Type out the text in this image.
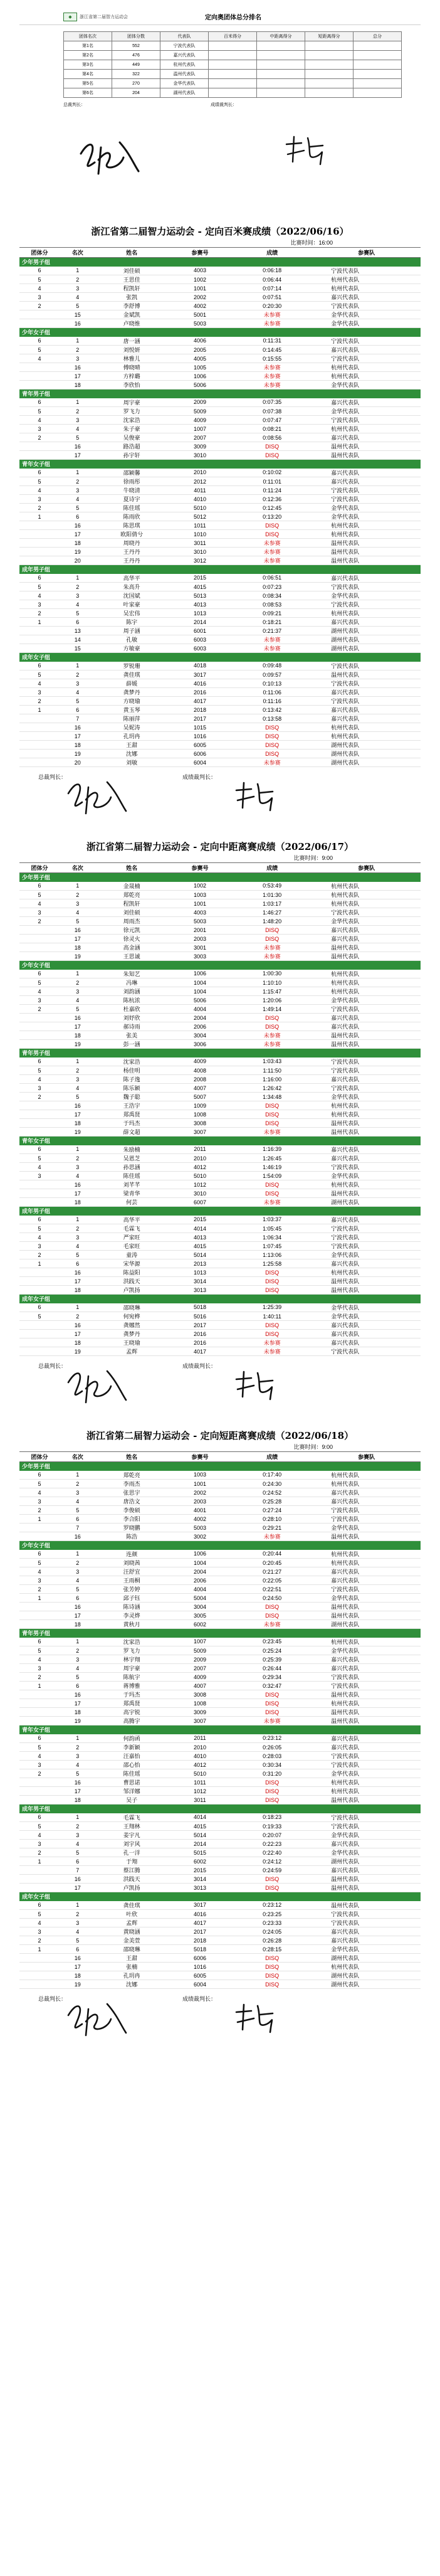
◆	浙江省第二届智力运动会	定向奥团体总分排名
团体名次	团体分数	代表队	百米得分	中距离得分	短距离得分	总分
第1名	552	宁波代表队				
第2名	476	嘉兴代表队				
第3名	449	杭州代表队				
第4名	322	温州代表队				
第5名	270	金华代表队				
第6名	204	湖州代表队				
总裁判长：	成绩裁判长：
浙江省第二届智力运动会 - 定向百米赛成绩（2022/06/16）
比赛时间：16:00
团体分	名次	姓名	参赛号	成绩	参赛队
少年男子组					
6	1	刘佳硕	4003	0:06:18	宁波代表队
5	2	王思佳	1002	0:06:44	杭州代表队
4	3	程凯轩	1001	0:07:14	杭州代表队
3	4	张凯	2002	0:07:51	嘉兴代表队
2	5	李舒博	4002	0:20:30	宁波代表队
	15	金斌凯	5001	未参赛	金华代表队
	16	卢晓维	5003	未参赛	金华代表队
少年女子组					
6	1	唐一涵	4006	0:11:31	宁波代表队
5	2	刘悦妍	2005	0:14:45	嘉兴代表队
4	3	林雅儿	4005	0:15:55	宁波代表队
	16	傅晓晴	1005	未参赛	杭州代表队
	17	方梓璐	1006	未参赛	杭州代表队
	18	李欣怡	5006	未参赛	金华代表队
青年男子组					
6	1	周宇豪	2009	0:07:35	嘉兴代表队
5	2	罗飞力	5009	0:07:38	金华代表队
4	3	沈家浩	4009	0:07:47	宁波代表队
3	4	朱子豪	1007	0:08:21	杭州代表队
2	5	吴俊豪	2007	0:08:56	嘉兴代表队
	16	路浩超	3009	DISQ	温州代表队
	17	孙宇轩	3010	DISQ	温州代表队
青年女子组					
6	1	邵颖馨	2010	0:10:02	嘉兴代表队
5	2	徐雨彤	2012	0:11:01	嘉兴代表队
4	3	牛晓清	4011	0:11:24	宁波代表队
3	4	夏诗宇	4010	0:12:36	宁波代表队
2	5	陈佳瑶	5010	0:12:45	金华代表队
1	6	陈雨欣	5012	0:13:20	金华代表队
	16	陈思琪	1011	DISQ	杭州代表队
	17	欧阳倩兮	1010	DISQ	杭州代表队
	18	周晓丹	3011	未参赛	温州代表队
	19	王丹丹	3010	未参赛	温州代表队
	20	王丹丹	3012	未参赛	温州代表队
成年男子组					
6	1	高华平	2015	0:06:51	嘉兴代表队
5	2	朱高升	4015	0:07:23	宁波代表队
4	3	沈国斌	5013	0:08:34	金华代表队
3	4	叶家豪	4013	0:08:53	宁波代表队
2	5	吴宏伟	1013	0:09:21	杭州代表队
1	6	陈宇	2014	0:18:21	嘉兴代表队
	13	周子涵	6001	0:21:37	湖州代表队
	14	孔敏	6003	未参赛	湖州代表队
	15	方敏豪	6003	未参赛	湖州代表队
成年女子组					
6	1	罗锐珊	4018	0:09:48	宁波代表队
5	2	龚佳琪	3017	0:09:57	温州代表队
4	3	薛媛	4016	0:10:13	宁波代表队
3	4	龚梦丹	2016	0:11:06	嘉兴代表队
2	5	方晓瑜	4017	0:11:16	宁波代表队
1	6	黄玉琴	2018	0:13:42	嘉兴代表队
	7	陈丽萍	2017	0:13:58	嘉兴代表队
	16	吴妮涛	1015	DISQ	杭州代表队
	17	孔玥冉	1016	DISQ	杭州代表队
	18	王甜	6005	DISQ	湖州代表队
	19	沈娜	6006	DISQ	湖州代表队
	20	刘敏	6004	未参赛	湖州代表队
总裁判长：	成绩裁判长：
浙江省第二届智力运动会 - 定向中距离赛成绩（2022/06/17）
比赛时间：9:00
团体分	名次	姓名	参赛号	成绩	参赛队
少年男子组					
6	1	金晟楠	1002	0:53:49	杭州代表队
5	2	郑乾亮	1003	1:01:30	杭州代表队
4	3	程凯轩	1001	1:03:17	杭州代表队
3	4	刘佳硕	4003	1:46:27	宁波代表队
2	5	周雨杰	5003	1:48:20	金华代表队
	16	徐元凯	2001	DISQ	嘉兴代表队
	17	徐灵火	2003	DISQ	嘉兴代表队
	18	高金涵	3001	未参赛	温州代表队
	19	王思诚	3003	未参赛	温州代表队
少年女子组					
6	1	朱知艺	1006	1:00:30	杭州代表队
5	2	冯琳	1004	1:10:10	杭州代表队
4	3	刘韵涵	1004	1:15:47	杭州代表队
3	4	陈杭浓	5006	1:20:06	金华代表队
2	5	杜嘉欣	4004	1:49:14	宁波代表队
	16	刘妤欣	2004	DISQ	嘉兴代表队
	17	郝诗雨	2006	DISQ	嘉兴代表队
	18	张美	3004	未参赛	温州代表队
	19	彭一涵	3006	未参赛	温州代表队
青年男子组					
6	1	沈家浩	4009	1:03:43	宁波代表队
5	2	杨佳明	4008	1:11:50	宁波代表队
4	3	陈子逸	2008	1:16:00	嘉兴代表队
3	4	陈乐颖	4007	1:26:42	宁波代表队
2	5	魏子聪	5007	1:34:48	金华代表队
	16	王浩宇	1009	DISQ	杭州代表队
	17	郑禹贤	1008	DISQ	杭州代表队
	18	于玛杰	3008	DISQ	温州代表队
	19	薛文超	3007	未参赛	温州代表队
青年女子组					
6	1	朱励楠	2011	1:16:39	嘉兴代表队
5	2	吴恩芝	2010	1:26:45	嘉兴代表队
4	3	孙思涵	4012	1:46:19	宁波代表队
3	4	陈佳瑶	5010	1:54:09	金华代表队
	16	刘芊芊	1012	DISQ	杭州代表队
	17	梁青华	3010	DISQ	温州代表队
	18	何芸	6007	未参赛	湖州代表队
成年男子组					
6	1	高华平	2015	1:03:37	嘉兴代表队
5	2	毛霖飞	4014	1:05:45	宁波代表队
4	3	严家旺	4013	1:06:34	宁波代表队
3	4	毛家旺	4015	1:07:45	宁波代表队
2	5	童涛	5014	1:13:06	金华代表队
1	6	宋华源	2013	1:25:58	嘉兴代表队
	16	陈益阳	1013	DISQ	杭州代表队
	17	洪践天	3014	DISQ	温州代表队
	18	卢凯扬	3013	DISQ	温州代表队
成年女子组					
6	1	邵晓琳	5018	1:25:39	金华代表队
5	2	何宛桦	5016	1:40:11	金华代表队
	16	龚娜然	2017	DISQ	嘉兴代表队
	17	龚梦丹	2016	DISQ	嘉兴代表队
	18	王晓瑜	2016	未参赛	嘉兴代表队
	19	孟辉	4017	未参赛	宁波代表队
总裁判长：	成绩裁判长：
浙江省第二届智力运动会 - 定向短距离赛成绩（2022/06/18）
比赛时间：9:00
团体分	名次	姓名	参赛号	成绩	参赛队
少年男子组					
6	1	郑乾亮	1003	0:17:40	杭州代表队
5	2	李雨杰	1001	0:24:30	杭州代表队
4	3	张思宇	2002	0:24:52	嘉兴代表队
3	4	唐浩文	2003	0:25:28	嘉兴代表队
2	5	李俊硕	4001	0:27:24	宁波代表队
1	6	李合阳	4002	0:28:10	宁波代表队
	7	罗晓鹏	5003	0:29:21	金华代表队
	16	陈浩	3002	未参赛	温州代表队
少年女子组					
6	1	连颜	1006	0:20:44	杭州代表队
5	2	刘晓茜	1004	0:20:45	杭州代表队
4	3	汪舒宜	2004	0:21:27	嘉兴代表队
3	4	王雨桐	2006	0:22:05	嘉兴代表队
2	5	张芳婷	4004	0:22:51	宁波代表队
1	6	邱子钰	5004	0:24:50	金华代表队
	16	陈诗涵	3004	DISQ	温州代表队
	17	李灵烨	3005	DISQ	温州代表队
	18	黄秋月	6002	未参赛	湖州代表队
青年男子组					
6	1	沈家浩	1007	0:23:45	杭州代表队
5	2	罗飞力	5009	0:25:24	金华代表队
4	3	林宇翔	2009	0:25:39	嘉兴代表队
3	4	周宇豪	2007	0:26:44	嘉兴代表队
2	5	陈航宇	4009	0:29:34	宁波代表队
1	6	蒋博雅	4007	0:32:47	宁波代表队
	16	于玛杰	3008	DISQ	温州代表队
	17	郑禹贤	1008	DISQ	杭州代表队
	18	高宇锐	3009	DISQ	温州代表队
	19	高腾宇	3007	未参赛	温州代表队
青年女子组					
6	1	何韵函	2011	0:23:12	嘉兴代表队
5	2	李新颖	2010	0:26:05	嘉兴代表队
4	3	汪嘉怡	4010	0:28:03	宁波代表队
3	4	邵心怡	4012	0:30:34	宁波代表队
2	5	陈佳瑶	5010	0:31:20	金华代表队
	16	曹思诺	1011	DISQ	杭州代表队
	17	邹洋娜	1012	DISQ	杭州代表队
	18	吴子	3011	DISQ	温州代表队
成年男子组					
6	1	毛霖飞	4014	0:18:23	宁波代表队
5	2	王翔林	4015	0:19:33	宁波代表队
4	3	姜宇凡	5014	0:20:07	金华代表队
3	4	刘宇风	2014	0:22:23	嘉兴代表队
2	5	孔一洋	5015	0:22:40	金华代表队
1	6	于翔	6002	0:24:12	湖州代表队
	7	蔡江腾	2015	0:24:59	嘉兴代表队
	16	洪践天	3014	DISQ	温州代表队
	17	卢凯扬	3013	DISQ	温州代表队
成年女子组					
6	1	龚佳琪	3017	0:23:12	温州代表队
5	2	叶欣	4016	0:23:25	宁波代表队
4	3	孟辉	4017	0:23:33	宁波代表队
3	4	黄晓涵	2017	0:24:05	嘉兴代表队
2	5	金美萱	2018	0:26:28	嘉兴代表队
1	6	邵晓琳	5018	0:28:15	金华代表队
	16	王甜	6006	DISQ	湖州代表队
	17	张楠	1016	DISQ	杭州代表队
	18	孔玥冉	6005	DISQ	湖州代表队
	19	沈娜	6004	DISQ	湖州代表队
总裁判长：	成绩裁判长：
